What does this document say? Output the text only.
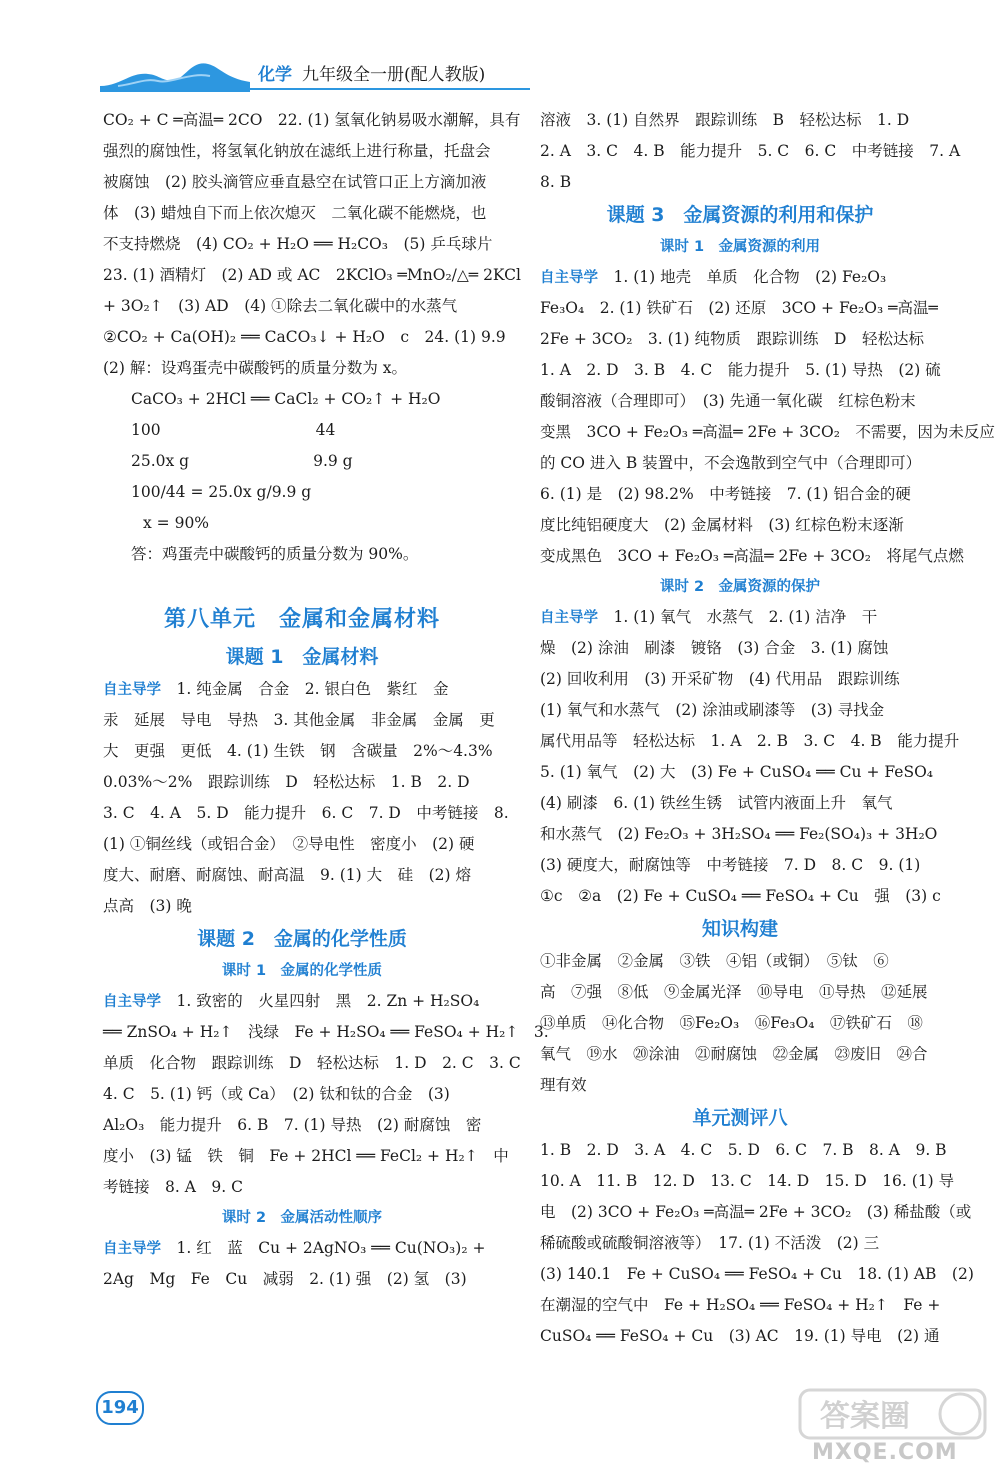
化学 九年级全一册(配人教版)
CO₂ + C ═高温═ 2CO　22. (1) 氢氧化钠易吸水潮解，具有
强烈的腐蚀性，将氢氧化钠放在滤纸上进行称量，托盘会
被腐蚀　(2) 胶头滴管应垂直悬空在试管口正上方滴加液
体　(3) 蜡烛自下而上依次熄灭　二氧化碳不能燃烧，也
不支持燃烧　(4) CO₂ + H₂O ══ H₂CO₃　(5) 乒乓球片
23. (1) 酒精灯　(2) AD 或 AC　2KClO₃ ═MnO₂/△═ 2KCl
+ 3O₂↑　(3) AD　(4) ①除去二氧化碳中的水蒸气
②CO₂ + Ca(OH)₂ ══ CaCO₃↓ + H₂O　c　24. (1) 9.9
(2) 解：设鸡蛋壳中碳酸钙的质量分数为 x。
CaCO₃ + 2HCl ══ CaCl₂ + CO₂↑ + H₂O
100　　　　　　　　　　44
25.0x g　　　　　　　　9.9 g
100/44 = 25.0x g/9.9 g
x = 90%
答：鸡蛋壳中碳酸钙的质量分数为 90%。
第八单元　金属和金属材料
课题 1　金属材料
自主导学　 1. 纯金属　合金　2. 银白色　紫红　金
汞　延展　导电　导热　3. 其他金属　非金属　金属　更
大　更强　更低　4. (1) 生铁　钢　含碳量　2%～4.3%
0.03%～2%　跟踪训练　D　轻松达标　1. B　2. D
3. C　4. A　5. D　能力提升　6. C　7. D　中考链接　8.
(1) ①铜丝线（或铝合金）　②导电性　密度小　(2) 硬
度大、耐磨、耐腐蚀、耐高温　9. (1) 大　硅　(2) 熔
点高　(3) 晚
课题 2　金属的化学性质
课时 1　金属的化学性质
自主导学　 1. 致密的　火星四射　黑　2. Zn + H₂SO₄
══ ZnSO₄ + H₂↑　浅绿　Fe + H₂SO₄ ══ FeSO₄ + H₂↑　3.
单质　化合物　跟踪训练　D　轻松达标　1. D　2. C　3. C
4. C　5. (1) 钙（或 Ca）　(2) 钛和钛的合金　(3)
Al₂O₃　能力提升　6. B　7. (1) 导热　(2) 耐腐蚀　密
度小　(3) 锰　铁　铜　Fe + 2HCl ══ FeCl₂ + H₂↑　中
考链接　8. A　9. C
课时 2　金属活动性顺序
自主导学　 1. 红　蓝　Cu + 2AgNO₃ ══ Cu(NO₃)₂ +
2Ag　Mg　Fe　Cu　减弱　2. (1) 强　(2) 氢　(3)
溶液　3. (1) 自然界　跟踪训练　B　轻松达标　1. D
2. A　3. C　4. B　能力提升　5. C　6. C　中考链接　7. A
8. B
课题 3　金属资源的利用和保护
课时 1　金属资源的利用
自主导学　 1. (1) 地壳　单质　化合物　(2) Fe₂O₃
Fe₃O₄　2. (1) 铁矿石　(2) 还原　3CO + Fe₂O₃ ═高温═
2Fe + 3CO₂　3. (1) 纯物质　跟踪训练　D　轻松达标
1. A　2. D　3. B　4. C　能力提升　5. (1) 导热　(2) 硫
酸铜溶液（合理即可）　(3) 先通一氧化碳　红棕色粉末
变黑　3CO + Fe₂O₃ ═高温═ 2Fe + 3CO₂　不需要，因为未反应
的 CO 进入 B 装置中，不会逸散到空气中（合理即可）
6. (1) 是　(2) 98.2%　中考链接　7. (1) 铝合金的硬
度比纯铝硬度大　(2) 金属材料　(3) 红棕色粉末逐渐
变成黑色　3CO + Fe₂O₃ ═高温═ 2Fe + 3CO₂　将尾气点燃
课时 2　金属资源的保护
自主导学　 1. (1) 氧气　水蒸气　2. (1) 洁净　干
燥　(2) 涂油　刷漆　镀铬　(3) 合金　3. (1) 腐蚀
(2) 回收利用　(3) 开采矿物　(4) 代用品　跟踪训练
(1) 氧气和水蒸气　(2) 涂油或刷漆等　(3) 寻找金
属代用品等　轻松达标　1. A　2. B　3. C　4. B　能力提升
5. (1) 氧气　(2) 大　(3) Fe + CuSO₄ ══ Cu + FeSO₄
(4) 刷漆　6. (1) 铁丝生锈　试管内液面上升　氧气
和水蒸气　(2) Fe₂O₃ + 3H₂SO₄ ══ Fe₂(SO₄)₃ + 3H₂O
(3) 硬度大，耐腐蚀等　中考链接　7. D　8. C　9. (1)
①c　②a　(2) Fe + CuSO₄ ══ FeSO₄ + Cu　强　(3) c
知识构建
①非金属　②金属　③铁　④铝（或铜）　⑤钛　⑥
高　⑦强　⑧低　⑨金属光泽　⑩导电　⑪导热　⑫延展
⑬单质　⑭化合物　⑮Fe₂O₃　⑯Fe₃O₄　⑰铁矿石　⑱
氧气　⑲水　⑳涂油　㉑耐腐蚀　㉒金属　㉓废旧　㉔合
理有效
单元测评八
1. B　2. D　3. A　4. C　5. D　6. C　7. B　8. A　9. B
10. A　11. B　12. D　13. C　14. D　15. D　16. (1) 导
电　(2) 3CO + Fe₂O₃ ═高温═ 2Fe + 3CO₂　(3) 稀盐酸（或
稀硫酸或硫酸铜溶液等）　17. (1) 不活泼　(2) 三
(3) 140.1　Fe + CuSO₄ ══ FeSO₄ + Cu　18. (1) AB　(2)
在潮湿的空气中　Fe + H₂SO₄ ══ FeSO₄ + H₂↑　Fe +
CuSO₄ ══ FeSO₄ + Cu　(3) AC　19. (1) 导电　(2) 通
194	答案圈
MXQE.COM
